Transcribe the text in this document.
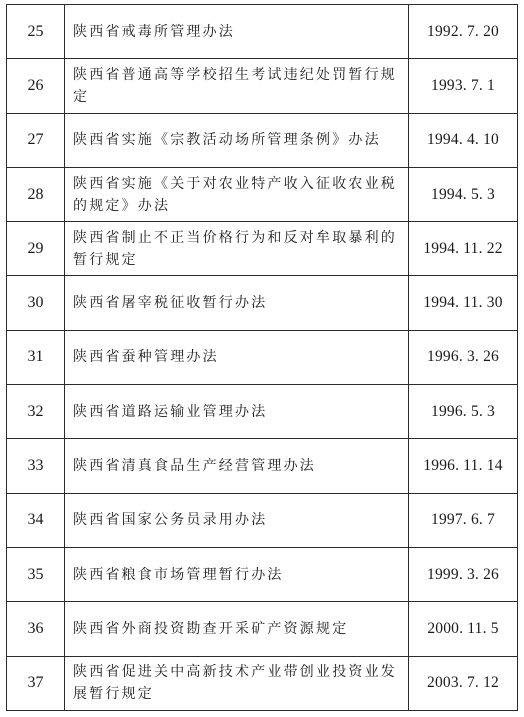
25	陕西省戒毒所管理办法	1992. 7. 20
26	陕西省普通高等学校招生考试违纪处罚暂行规定	1993. 7. 1
27	陕西省实施《宗教活动场所管理条例》办法	1994. 4. 10
28	陕西省实施《关于对农业特产收入征收农业税的规定》办法	1994. 5. 3
29	陕西省制止不正当价格行为和反对牟取暴利的暂行规定	1994. 11. 22
30	陕西省屠宰税征收暂行办法	1994. 11. 30
31	陕西省蚕种管理办法	1996. 3. 26
32	陕西省道路运输业管理办法	1996. 5. 3
33	陕西省清真食品生产经营管理办法	1996. 11. 14
34	陕西省国家公务员录用办法	1997. 6. 7
35	陕西省粮食市场管理暂行办法	1999. 3. 26
36	陕西省外商投资勘查开采矿产资源规定	2000. 11. 5
37	陕西省促进关中高新技术产业带创业投资业发展暂行规定	2003. 7. 12
